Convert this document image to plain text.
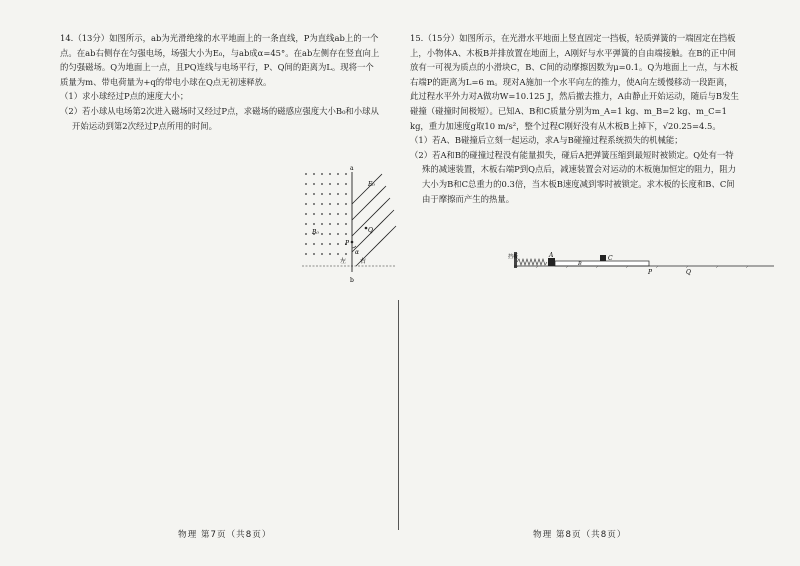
14.（13分）如图所示，ab为光滑绝缘的水平地面上的一条直线，P为直线ab上的一个点。在ab右侧存在匀强电场，场强大小为E₀，与ab成α=45°。在ab左侧存在竖直向上的匀强磁场。Q为地面上一点，且PQ连线与电场平行，P、Q间的距离为L。现将一个质量为m、带电荷量为+q的带电小球在Q点无初速释放。
（1）求小球经过P点的速度大小；
（2）若小球从电场第2次进入磁场时又经过P点，求磁场的磁感应强度大小B₀和小球从开始运动到第2次经过P点所用的时间。
a
b
E₀
α
P
Q
B₀
左 右
15.（15分）如图所示，在光滑水平地面上竖直固定一挡板，轻质弹簧的一端固定在挡板上，小物体A、木板B并排放置在地面上，A刚好与水平弹簧的自由端接触。在B的正中间放有一可视为质点的小滑块C，B、C间的动摩擦因数为μ=0.1。Q为地面上一点，与木板右端P的距离为L=6 m。现对A施加一个水平向左的推力，使A向左缓慢移动一段距离，此过程水平外力对A做功W=10.125 J，然后撤去推力，A由静止开始运动，随后与B发生碰撞（碰撞时间极短）。已知A、B和C质量分别为m_A=1 kg、m_B=2 kg、m_C=1 kg，重力加速度g取10 m/s²，整个过程C刚好没有从木板B上掉下，√20.25=4.5。
（1）若A、B碰撞后立刻一起运动，求A与B碰撞过程系统损失的机械能；
（2）若A和B的碰撞过程没有能量损失，碰后A把弹簧压缩到最短时被锁定。Q处有一特殊的减速装置，木板右端P到Q点后，减速装置会对运动的木板施加恒定的阻力，阻力大小为B和C总重力的0.3倍，当木板B速度减到零时被锁定。求木板的长度和B、C间由于摩擦而产生的热量。
挡板	A
B
C
P	Q
物理 第7页（共8页）	物理 第8页（共8页）
